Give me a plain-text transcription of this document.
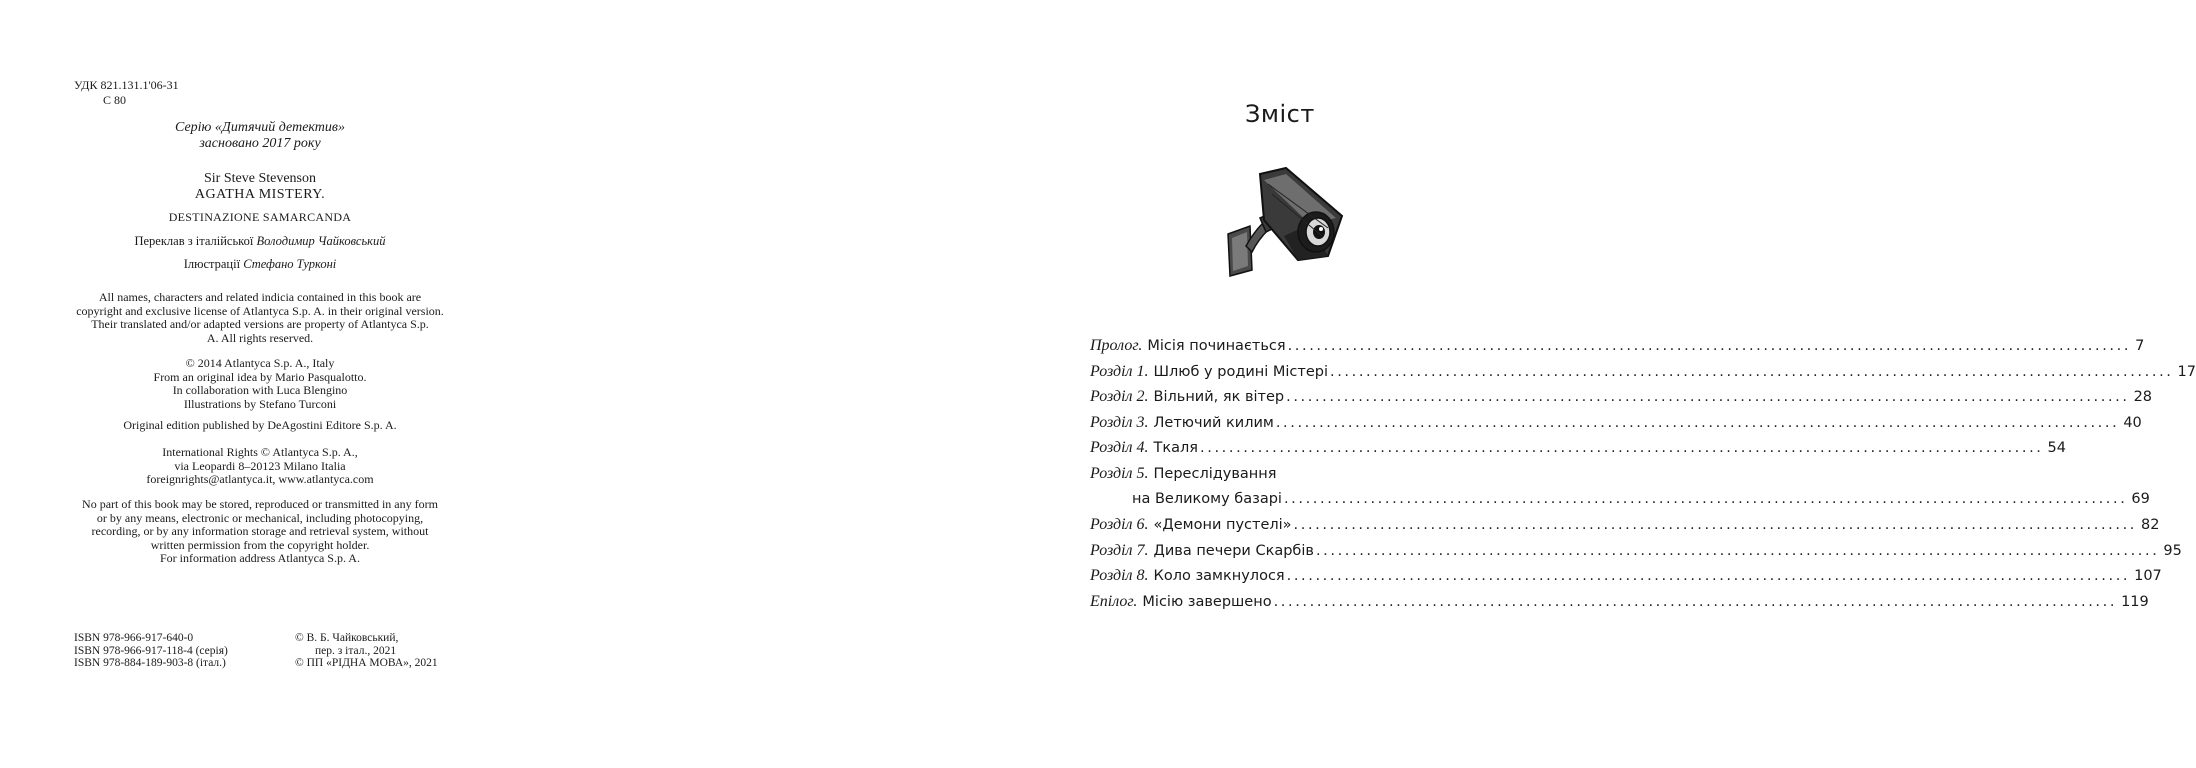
УДК 821.131.1'06-31
С 80
Серію «Дитячий детектив»
засновано 2017 року
Sir Steve Stevenson
AGATHA MISTERY.
DESTINAZIONE SAMARCANDA
Переклав з італійської Володимир Чайковський
Ілюстрації Стефано Турконі
All names, characters and related indicia contained in this book are
copyright and exclusive license of Atlantyca S.p. A. in their original version.
Their translated and/or adapted versions are property of Atlantyca S.p.
A. All rights reserved.
© 2014 Atlantyca S.p. A., Italy
From an original idea by Mario Pasqualotto.
In collaboration with Luca Blengino
Illustrations by Stefano Turconi
Original edition published by DeAgostini Editore S.p. A.
International Rights © Atlantyca S.p. A.,
via Leopardi 8–20123 Milano Italia
foreignrights@atlantyca.it, www.atlantyca.com
No part of this book may be stored, reproduced or transmitted in any form
or by any means, electronic or mechanical, including photocopying,
recording, or by any information storage and retrieval system, without
written permission from the copyright holder.
For information address Atlantyca S.p. A.
ISBN 978-966-917-640-0
ISBN 978-966-917-118-4 (серія)
ISBN 978-884-189-903-8 (італ.)
© В. Б. Чайковський,
пер. з італ., 2021
© ПП «РІДНА МОВА», 2021
Зміст
Пролог. Місія починається .....	7
Розділ 1. Шлюб у родині Містері .....	17
Розділ 2. Вільний, як вітер .....	28
Розділ 3. Летючий килим .....	40
Розділ 4. Ткаля .....	54
Розділ 5. Переслідування
на Великому базарі .....	69
Розділ 6. «Демони пустелі» .....	82
Розділ 7. Дива печери Скарбів .....	95
Розділ 8. Коло замкнулося .....	107
Епілог. Місію завершено .....	119
